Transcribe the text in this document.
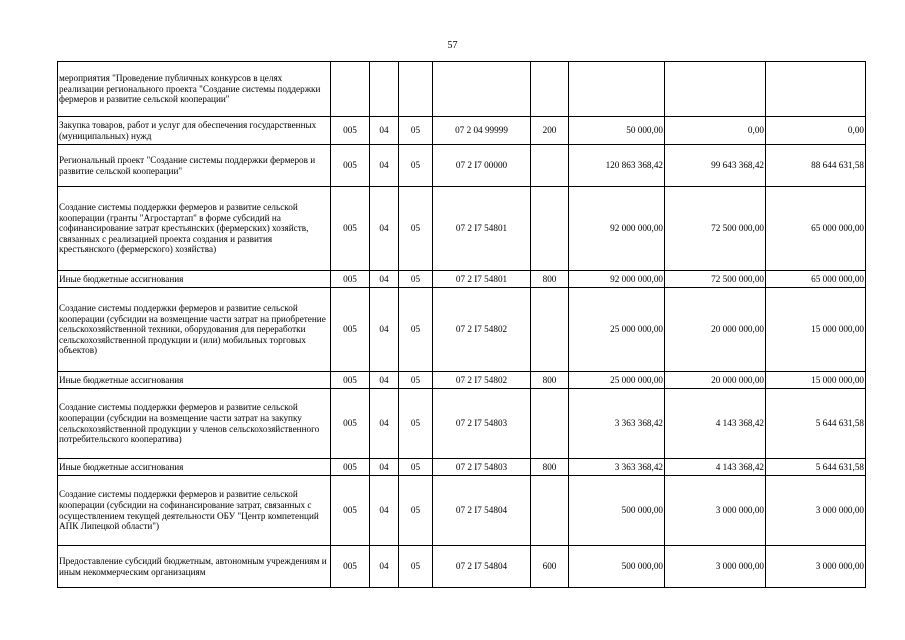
57
мероприятия "Проведение публичных конкурсов в целях реализации регионального проекта "Создание системы поддержки фермеров и развитие сельской кооперации"								
Закупка товаров, работ и услуг для обеспечения государственных (муниципальных) нужд	005	04	05	07 2 04 99999	200	50 000,00	0,00	0,00
Региональный проект "Создание системы поддержки фермеров и развитие сельской кооперации"	005	04	05	07 2 I7 00000		120 863 368,42	99 643 368,42	88 644 631,58
Создание системы поддержки фермеров и развитие сельской кооперации (гранты "Агростартап" в форме субсидий на софинансирование затрат крестьянских (фермерских) хозяйств, связанных с реализацией проекта создания и развития крестьянского (фермерского) хозяйства)	005	04	05	07 2 I7 54801		92 000 000,00	72 500 000,00	65 000 000,00
Иные бюджетные ассигнования	005	04	05	07 2 I7 54801	800	92 000 000,00	72 500 000,00	65 000 000,00
Создание системы поддержки фермеров и развитие сельской кооперации (субсидии на возмещение части затрат на приобретение сельскохозяйственной техники, оборудования для переработки сельскохозяйственной продукции и (или) мобильных торговых объектов)	005	04	05	07 2 I7 54802		25 000 000,00	20 000 000,00	15 000 000,00
Иные бюджетные ассигнования	005	04	05	07 2 I7 54802	800	25 000 000,00	20 000 000,00	15 000 000,00
Создание системы поддержки фермеров и развитие сельской кооперации (субсидии на возмещение части затрат на закупку сельскохозяйственной продукции у членов сельскохозяйственного потребительского кооператива)	005	04	05	07 2 I7 54803		3 363 368,42	4 143 368,42	5 644 631,58
Иные бюджетные ассигнования	005	04	05	07 2 I7 54803	800	3 363 368,42	4 143 368,42	5 644 631,58
Создание системы поддержки фермеров и развитие сельской кооперации (субсидии на софинансирование затрат, связанных с осуществлением текущей деятельности ОБУ "Центр компетенций АПК Липецкой области")	005	04	05	07 2 I7 54804		500 000,00	3 000 000,00	3 000 000,00
Предоставление субсидий бюджетным, автономным учреждениям и иным некоммерческим организациям	005	04	05	07 2 I7 54804	600	500 000,00	3 000 000,00	3 000 000,00
